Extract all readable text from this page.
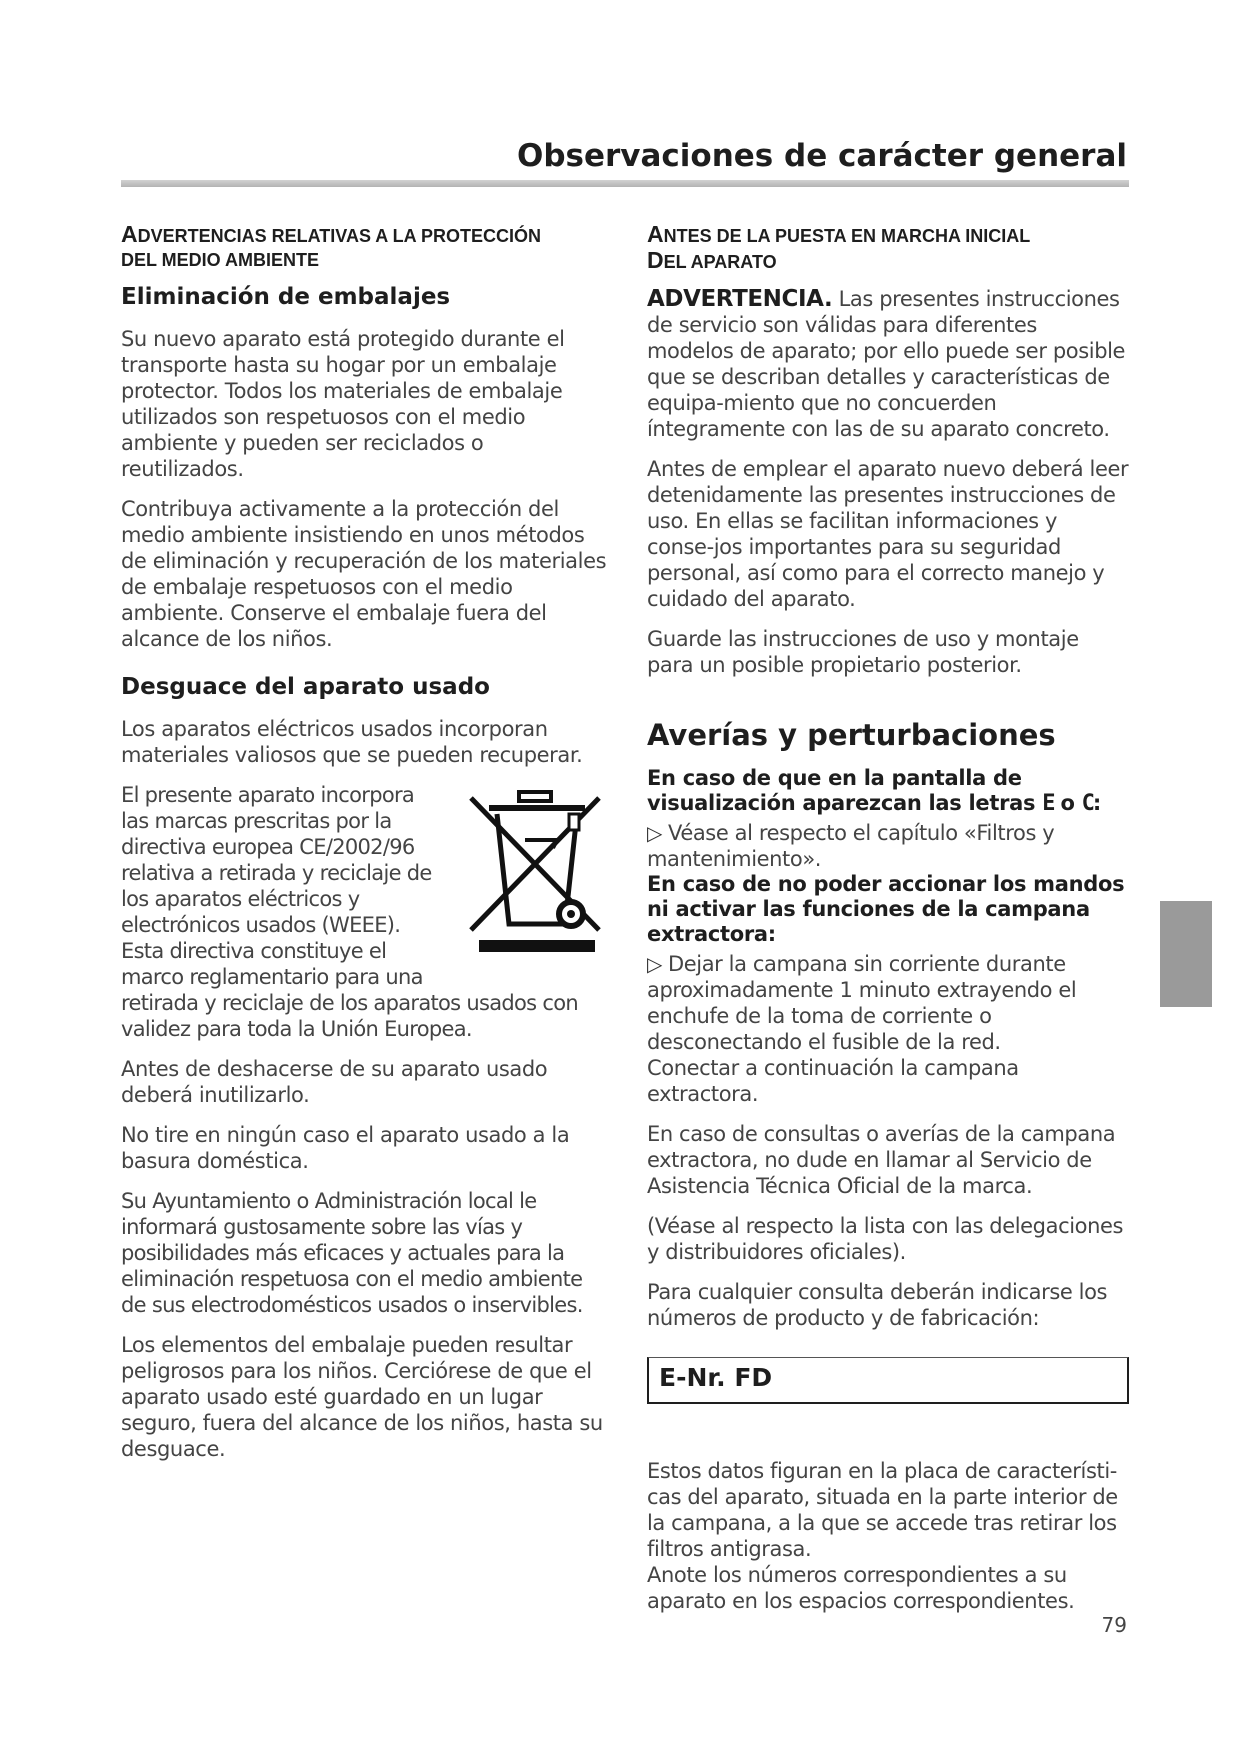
Observaciones de carácter general
ADVERTENCIAS RELATIVAS A LA PROTECCIÓN
DEL MEDIO AMBIENTE
Eliminación de embalajes

Su nuevo aparato está protegido durante el transporte hasta su hogar por un embalaje protector. Todos los materiales de embalaje utilizados son respetuosos con el medio ambiente y pueden ser reciclados o reutilizados.

Contribuya activamente a la protección del medio ambiente insistiendo en unos métodos de eliminación y recuperación de los materiales de embalaje respetuosos con el medio ambiente. Conserve el embalaje fuera del alcance de los niños.

Desguace del aparato usado

Los aparatos eléctricos usados incorporan materiales valiosos que se pueden recuperar.

El presente aparato incorpora
las marcas prescritas por la
directiva europea CE/2002/96
relativa a retirada y reciclaje de
los aparatos eléctricos y
electrónicos usados (WEEE).
Esta directiva constituye el
marco reglamentario para una

retirada y reciclaje de los aparatos usados con validez para toda la Unión Europea.

Antes de deshacerse de su aparato usado deberá inutilizarlo.

No tire en ningún caso el aparato usado a la basura doméstica.

Su Ayuntamiento o Administración local le informará gustosamente sobre las vías y posibilidades más eficaces y actuales para la eliminación respetuosa con el medio ambiente de sus electrodomésticos usados o inservibles.

Los elementos del embalaje pueden resultar peligrosos para los niños. Cerciórese de que el aparato usado esté guardado en un lugar seguro, fuera del alcance de los niños, hasta su desguace.

ANTES DE LA PUESTA EN MARCHA INICIAL
DEL APARATO

ADVERTENCIA. Las presentes instrucciones de servicio son válidas para diferentes modelos de aparato; por ello puede ser posible que se describan detalles y características de equipa-miento que no concuerden íntegramente con las de su aparato concreto.

Antes de emplear el aparato nuevo deberá leer detenidamente las presentes instrucciones de uso. En ellas se facilitan informaciones y conse-jos importantes para su seguridad personal, así como para el correcto manejo y cuidado del aparato.

Guarde las instrucciones de uso y montaje para un posible propietario posterior.

Averías y perturbaciones
En caso de que en la pantalla de visualización aparezcan las letras E o C:
▷ Véase al respecto el capítulo «Filtros y mantenimiento».
En caso de no poder accionar los mandos ni activar las funciones de la campana extractora:
▷ Dejar la campana sin corriente durante aproximadamente 1 minuto extrayendo el enchufe de la toma de corriente o desconectando el fusible de la red.

Conectar a continuación la campana extractora.

En caso de consultas o averías de la campana extractora, no dude en llamar al Servicio de Asistencia Técnica Oficial de la marca.

(Véase al respecto la lista con las delegaciones y distribuidores oficiales).

Para cualquier consulta deberán indicarse los números de producto y de fabricación:

E-Nr. FD

Estos datos figuran en la placa de característi-cas del aparato, situada en la parte interior de la campana, a la que se accede tras retirar los filtros antigrasa.

Anote los números correspondientes a su aparato en los espacios correspondientes.

79
